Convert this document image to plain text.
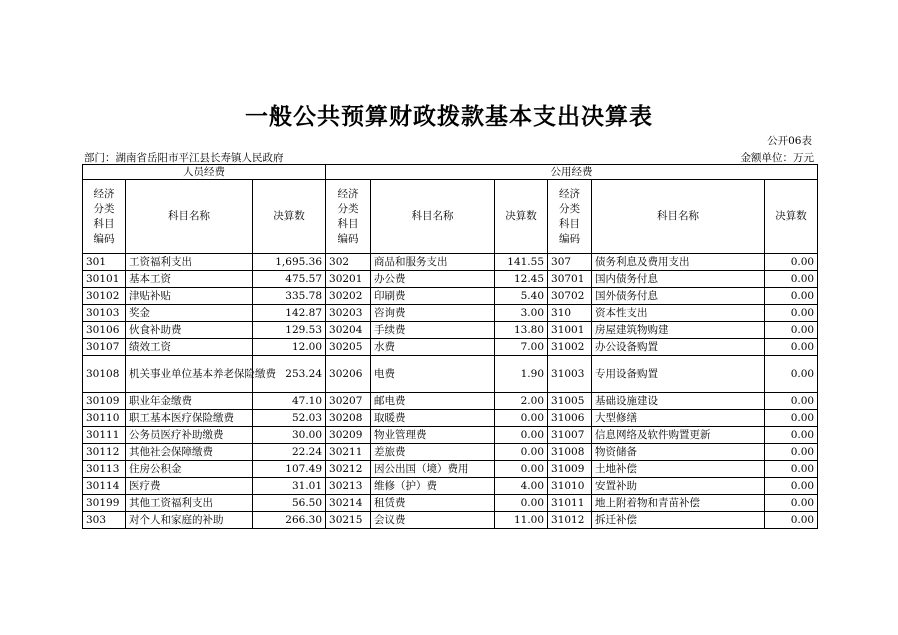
一般公共预算财政拨款基本支出决算表
公开06表
部门：湖南省岳阳市平江县长寿镇人民政府	金额单位：万元
人员经费			公用经费					
经济分类科目编码	科目名称	决算数	经济分类科目编码	科目名称	决算数	经济分类科目编码	科目名称	决算数
301	工资福利支出	1,695.36	302	商品和服务支出	141.55	307	债务利息及费用支出	0.00
30101	基本工资	475.57	30201	办公费	12.45	30701	国内债务付息	0.00
30102	津贴补贴	335.78	30202	印刷费	5.40	30702	国外债务付息	0.00
30103	奖金	142.87	30203	咨询费	3.00	310	资本性支出	0.00
30106	伙食补助费	129.53	30204	手续费	13.80	31001	房屋建筑物购建	0.00
30107	绩效工资	12.00	30205	水费	7.00	31002	办公设备购置	0.00
30108	机关事业单位基本养老保险缴费	253.24	30206	电费	1.90	31003	专用设备购置	0.00
30109	职业年金缴费	47.10	30207	邮电费	2.00	31005	基础设施建设	0.00
30110	职工基本医疗保险缴费	52.03	30208	取暖费	0.00	31006	大型修缮	0.00
30111	公务员医疗补助缴费	30.00	30209	物业管理费	0.00	31007	信息网络及软件购置更新	0.00
30112	其他社会保障缴费	22.24	30211	差旅费	0.00	31008	物资储备	0.00
30113	住房公积金	107.49	30212	因公出国（境）费用	0.00	31009	土地补偿	0.00
30114	医疗费	31.01	30213	维修（护）费	4.00	31010	安置补助	0.00
30199	其他工资福利支出	56.50	30214	租赁费	0.00	31011	地上附着物和青苗补偿	0.00
303	对个人和家庭的补助	266.30	30215	会议费	11.00	31012	拆迁补偿	0.00
